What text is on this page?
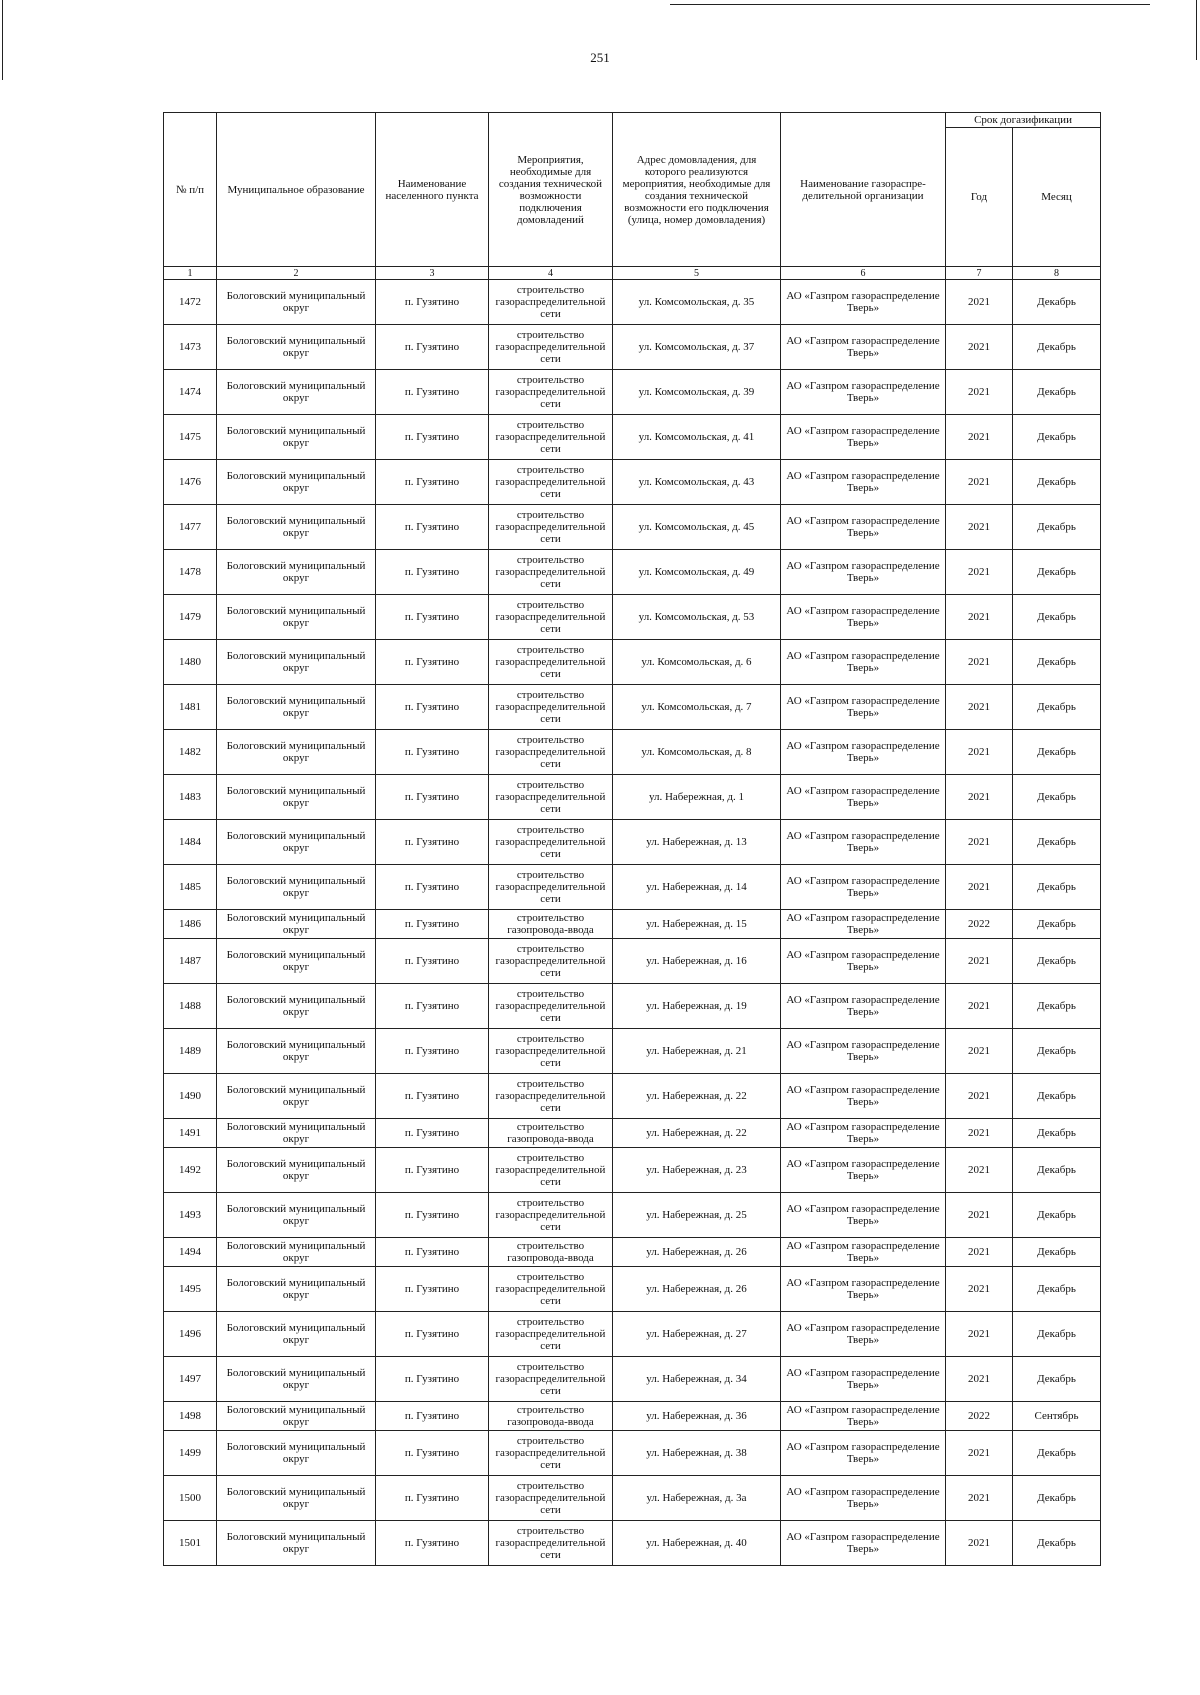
251
№ п/п	Муниципальное образование	Наименование населенного пункта	Мероприятия, необходимые для создания технической возможности подключения домовладений	Адрес домовладения, для которого реализуются мероприятия, необходимые для создания технической возможности его подключения (улица, номер домовладения)	Наименование газораспре-делительной организации	Срок догазификации	
						Год	Месяц
1	2	3	4	5	6	7	8
1472	Бологовский муниципальный округ	п. Гузятино	строительство газораспределительной сети	ул. Комсомольская, д. 35	АО «Газпром газораспределение Тверь»	2021	Декабрь
1473	Бологовский муниципальный округ	п. Гузятино	строительство газораспределительной сети	ул. Комсомольская, д. 37	АО «Газпром газораспределение Тверь»	2021	Декабрь
1474	Бологовский муниципальный округ	п. Гузятино	строительство газораспределительной сети	ул. Комсомольская, д. 39	АО «Газпром газораспределение Тверь»	2021	Декабрь
1475	Бологовский муниципальный округ	п. Гузятино	строительство газораспределительной сети	ул. Комсомольская, д. 41	АО «Газпром газораспределение Тверь»	2021	Декабрь
1476	Бологовский муниципальный округ	п. Гузятино	строительство газораспределительной сети	ул. Комсомольская, д. 43	АО «Газпром газораспределение Тверь»	2021	Декабрь
1477	Бологовский муниципальный округ	п. Гузятино	строительство газораспределительной сети	ул. Комсомольская, д. 45	АО «Газпром газораспределение Тверь»	2021	Декабрь
1478	Бологовский муниципальный округ	п. Гузятино	строительство газораспределительной сети	ул. Комсомольская, д. 49	АО «Газпром газораспределение Тверь»	2021	Декабрь
1479	Бологовский муниципальный округ	п. Гузятино	строительство газораспределительной сети	ул. Комсомольская, д. 53	АО «Газпром газораспределение Тверь»	2021	Декабрь
1480	Бологовский муниципальный округ	п. Гузятино	строительство газораспределительной сети	ул. Комсомольская, д. 6	АО «Газпром газораспределение Тверь»	2021	Декабрь
1481	Бологовский муниципальный округ	п. Гузятино	строительство газораспределительной сети	ул. Комсомольская, д. 7	АО «Газпром газораспределение Тверь»	2021	Декабрь
1482	Бологовский муниципальный округ	п. Гузятино	строительство газораспределительной сети	ул. Комсомольская, д. 8	АО «Газпром газораспределение Тверь»	2021	Декабрь
1483	Бологовский муниципальный округ	п. Гузятино	строительство газораспределительной сети	ул. Набережная, д. 1	АО «Газпром газораспределение Тверь»	2021	Декабрь
1484	Бологовский муниципальный округ	п. Гузятино	строительство газораспределительной сети	ул. Набережная, д. 13	АО «Газпром газораспределение Тверь»	2021	Декабрь
1485	Бологовский муниципальный округ	п. Гузятино	строительство газораспределительной сети	ул. Набережная, д. 14	АО «Газпром газораспределение Тверь»	2021	Декабрь
1486	Бологовский муниципальный округ	п. Гузятино	строительство газопровода-ввода	ул. Набережная, д. 15	АО «Газпром газораспределение Тверь»	2022	Декабрь
1487	Бологовский муниципальный округ	п. Гузятино	строительство газораспределительной сети	ул. Набережная, д. 16	АО «Газпром газораспределение Тверь»	2021	Декабрь
1488	Бологовский муниципальный округ	п. Гузятино	строительство газораспределительной сети	ул. Набережная, д. 19	АО «Газпром газораспределение Тверь»	2021	Декабрь
1489	Бологовский муниципальный округ	п. Гузятино	строительство газораспределительной сети	ул. Набережная, д. 21	АО «Газпром газораспределение Тверь»	2021	Декабрь
1490	Бологовский муниципальный округ	п. Гузятино	строительство газораспределительной сети	ул. Набережная, д. 22	АО «Газпром газораспределение Тверь»	2021	Декабрь
1491	Бологовский муниципальный округ	п. Гузятино	строительство газопровода-ввода	ул. Набережная, д. 22	АО «Газпром газораспределение Тверь»	2021	Декабрь
1492	Бологовский муниципальный округ	п. Гузятино	строительство газораспределительной сети	ул. Набережная, д. 23	АО «Газпром газораспределение Тверь»	2021	Декабрь
1493	Бологовский муниципальный округ	п. Гузятино	строительство газораспределительной сети	ул. Набережная, д. 25	АО «Газпром газораспределение Тверь»	2021	Декабрь
1494	Бологовский муниципальный округ	п. Гузятино	строительство газопровода-ввода	ул. Набережная, д. 26	АО «Газпром газораспределение Тверь»	2021	Декабрь
1495	Бологовский муниципальный округ	п. Гузятино	строительство газораспределительной сети	ул. Набережная, д. 26	АО «Газпром газораспределение Тверь»	2021	Декабрь
1496	Бологовский муниципальный округ	п. Гузятино	строительство газораспределительной сети	ул. Набережная, д. 27	АО «Газпром газораспределение Тверь»	2021	Декабрь
1497	Бологовский муниципальный округ	п. Гузятино	строительство газораспределительной сети	ул. Набережная, д. 34	АО «Газпром газораспределение Тверь»	2021	Декабрь
1498	Бологовский муниципальный округ	п. Гузятино	строительство газопровода-ввода	ул. Набережная, д. 36	АО «Газпром газораспределение Тверь»	2022	Сентябрь
1499	Бологовский муниципальный округ	п. Гузятино	строительство газораспределительной сети	ул. Набережная, д. 38	АО «Газпром газораспределение Тверь»	2021	Декабрь
1500	Бологовский муниципальный округ	п. Гузятино	строительство газораспределительной сети	ул. Набережная, д. 3а	АО «Газпром газораспределение Тверь»	2021	Декабрь
1501	Бологовский муниципальный округ	п. Гузятино	строительство газораспределительной сети	ул. Набережная, д. 40	АО «Газпром газораспределение Тверь»	2021	Декабрь
